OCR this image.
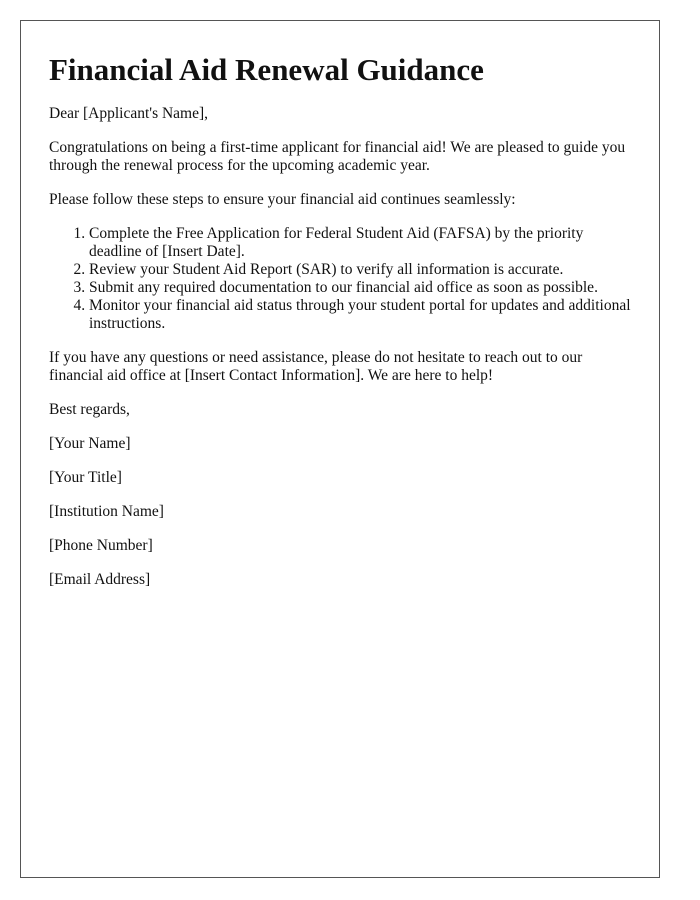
Financial Aid Renewal Guidance

Dear [Applicant's Name],

Congratulations on being a first-time applicant for financial aid! We are pleased to guide you through the renewal process for the upcoming academic year.

Please follow these steps to ensure your financial aid continues seamlessly:

1. Complete the Free Application for Federal Student Aid (FAFSA) by the priority deadline of [Insert Date].
2. Review your Student Aid Report (SAR) to verify all information is accurate.
3. Submit any required documentation to our financial aid office as soon as possible.
4. Monitor your financial aid status through your student portal for updates and additional instructions.

If you have any questions or need assistance, please do not hesitate to reach out to our financial aid office at [Insert Contact Information]. We are here to help!

Best regards,

[Your Name]

[Your Title]

[Institution Name]

[Phone Number]

[Email Address]
